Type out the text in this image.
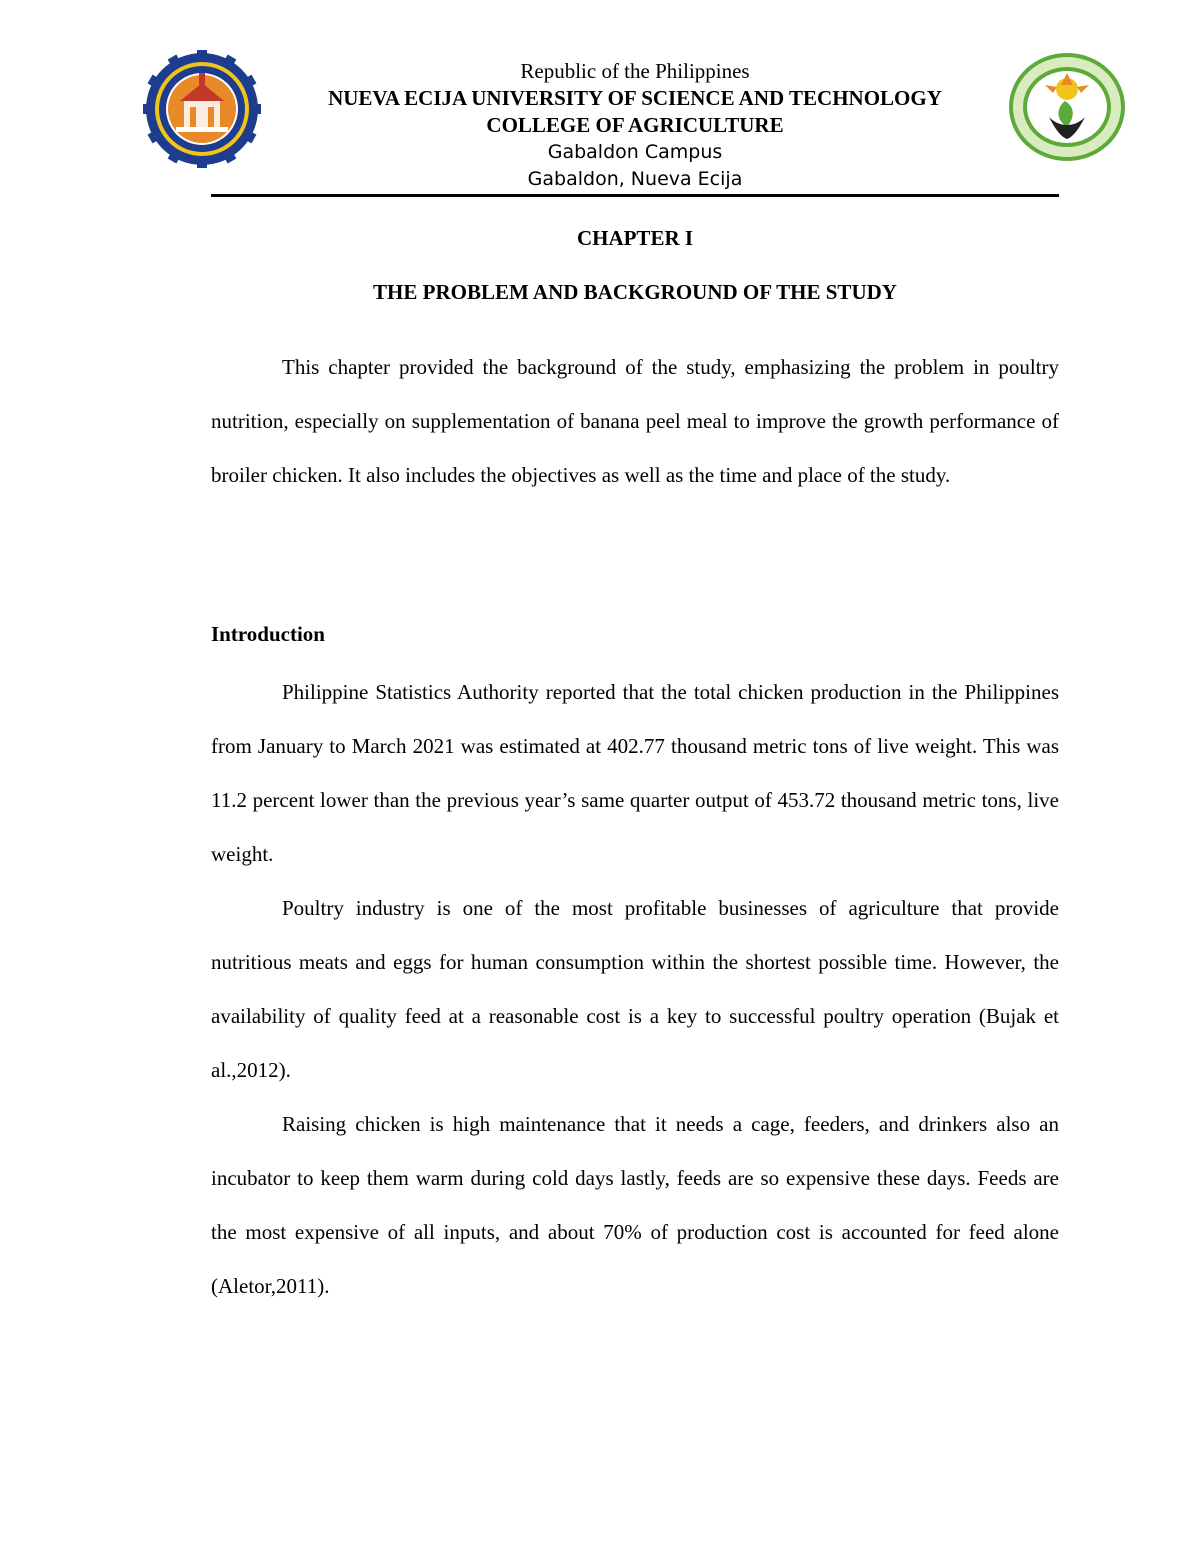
Republic of the Philippines
NUEVA ECIJA UNIVERSITY OF SCIENCE AND TECHNOLOGY
COLLEGE OF AGRICULTURE
Gabaldon Campus
Gabaldon, Nueva Ecija
CHAPTER I
THE PROBLEM AND BACKGROUND OF THE STUDY

This chapter provided the background of the study, emphasizing the problem in poultry nutrition, especially on supplementation of banana peel meal to improve the growth performance of broiler chicken. It also includes the objectives as well as the time and place of the study.

Introduction

Philippine Statistics Authority reported that the total chicken production in the Philippines from January to March 2021 was estimated at 402.77 thousand metric tons of live weight. This was 11.2 percent lower than the previous year’s same quarter output of 453.72 thousand metric tons, live weight.

Poultry industry is one of the most profitable businesses of agriculture that provide nutritious meats and eggs for human consumption within the shortest possible time. However, the availability of quality feed at a reasonable cost is a key to successful poultry operation (Bujak et al.,2012).

Raising chicken is high maintenance that it needs a cage, feeders, and drinkers also an incubator to keep them warm during cold days lastly, feeds are so expensive these days. Feeds are the most expensive of all inputs, and about 70% of production cost is accounted for feed alone (Aletor,2011).
